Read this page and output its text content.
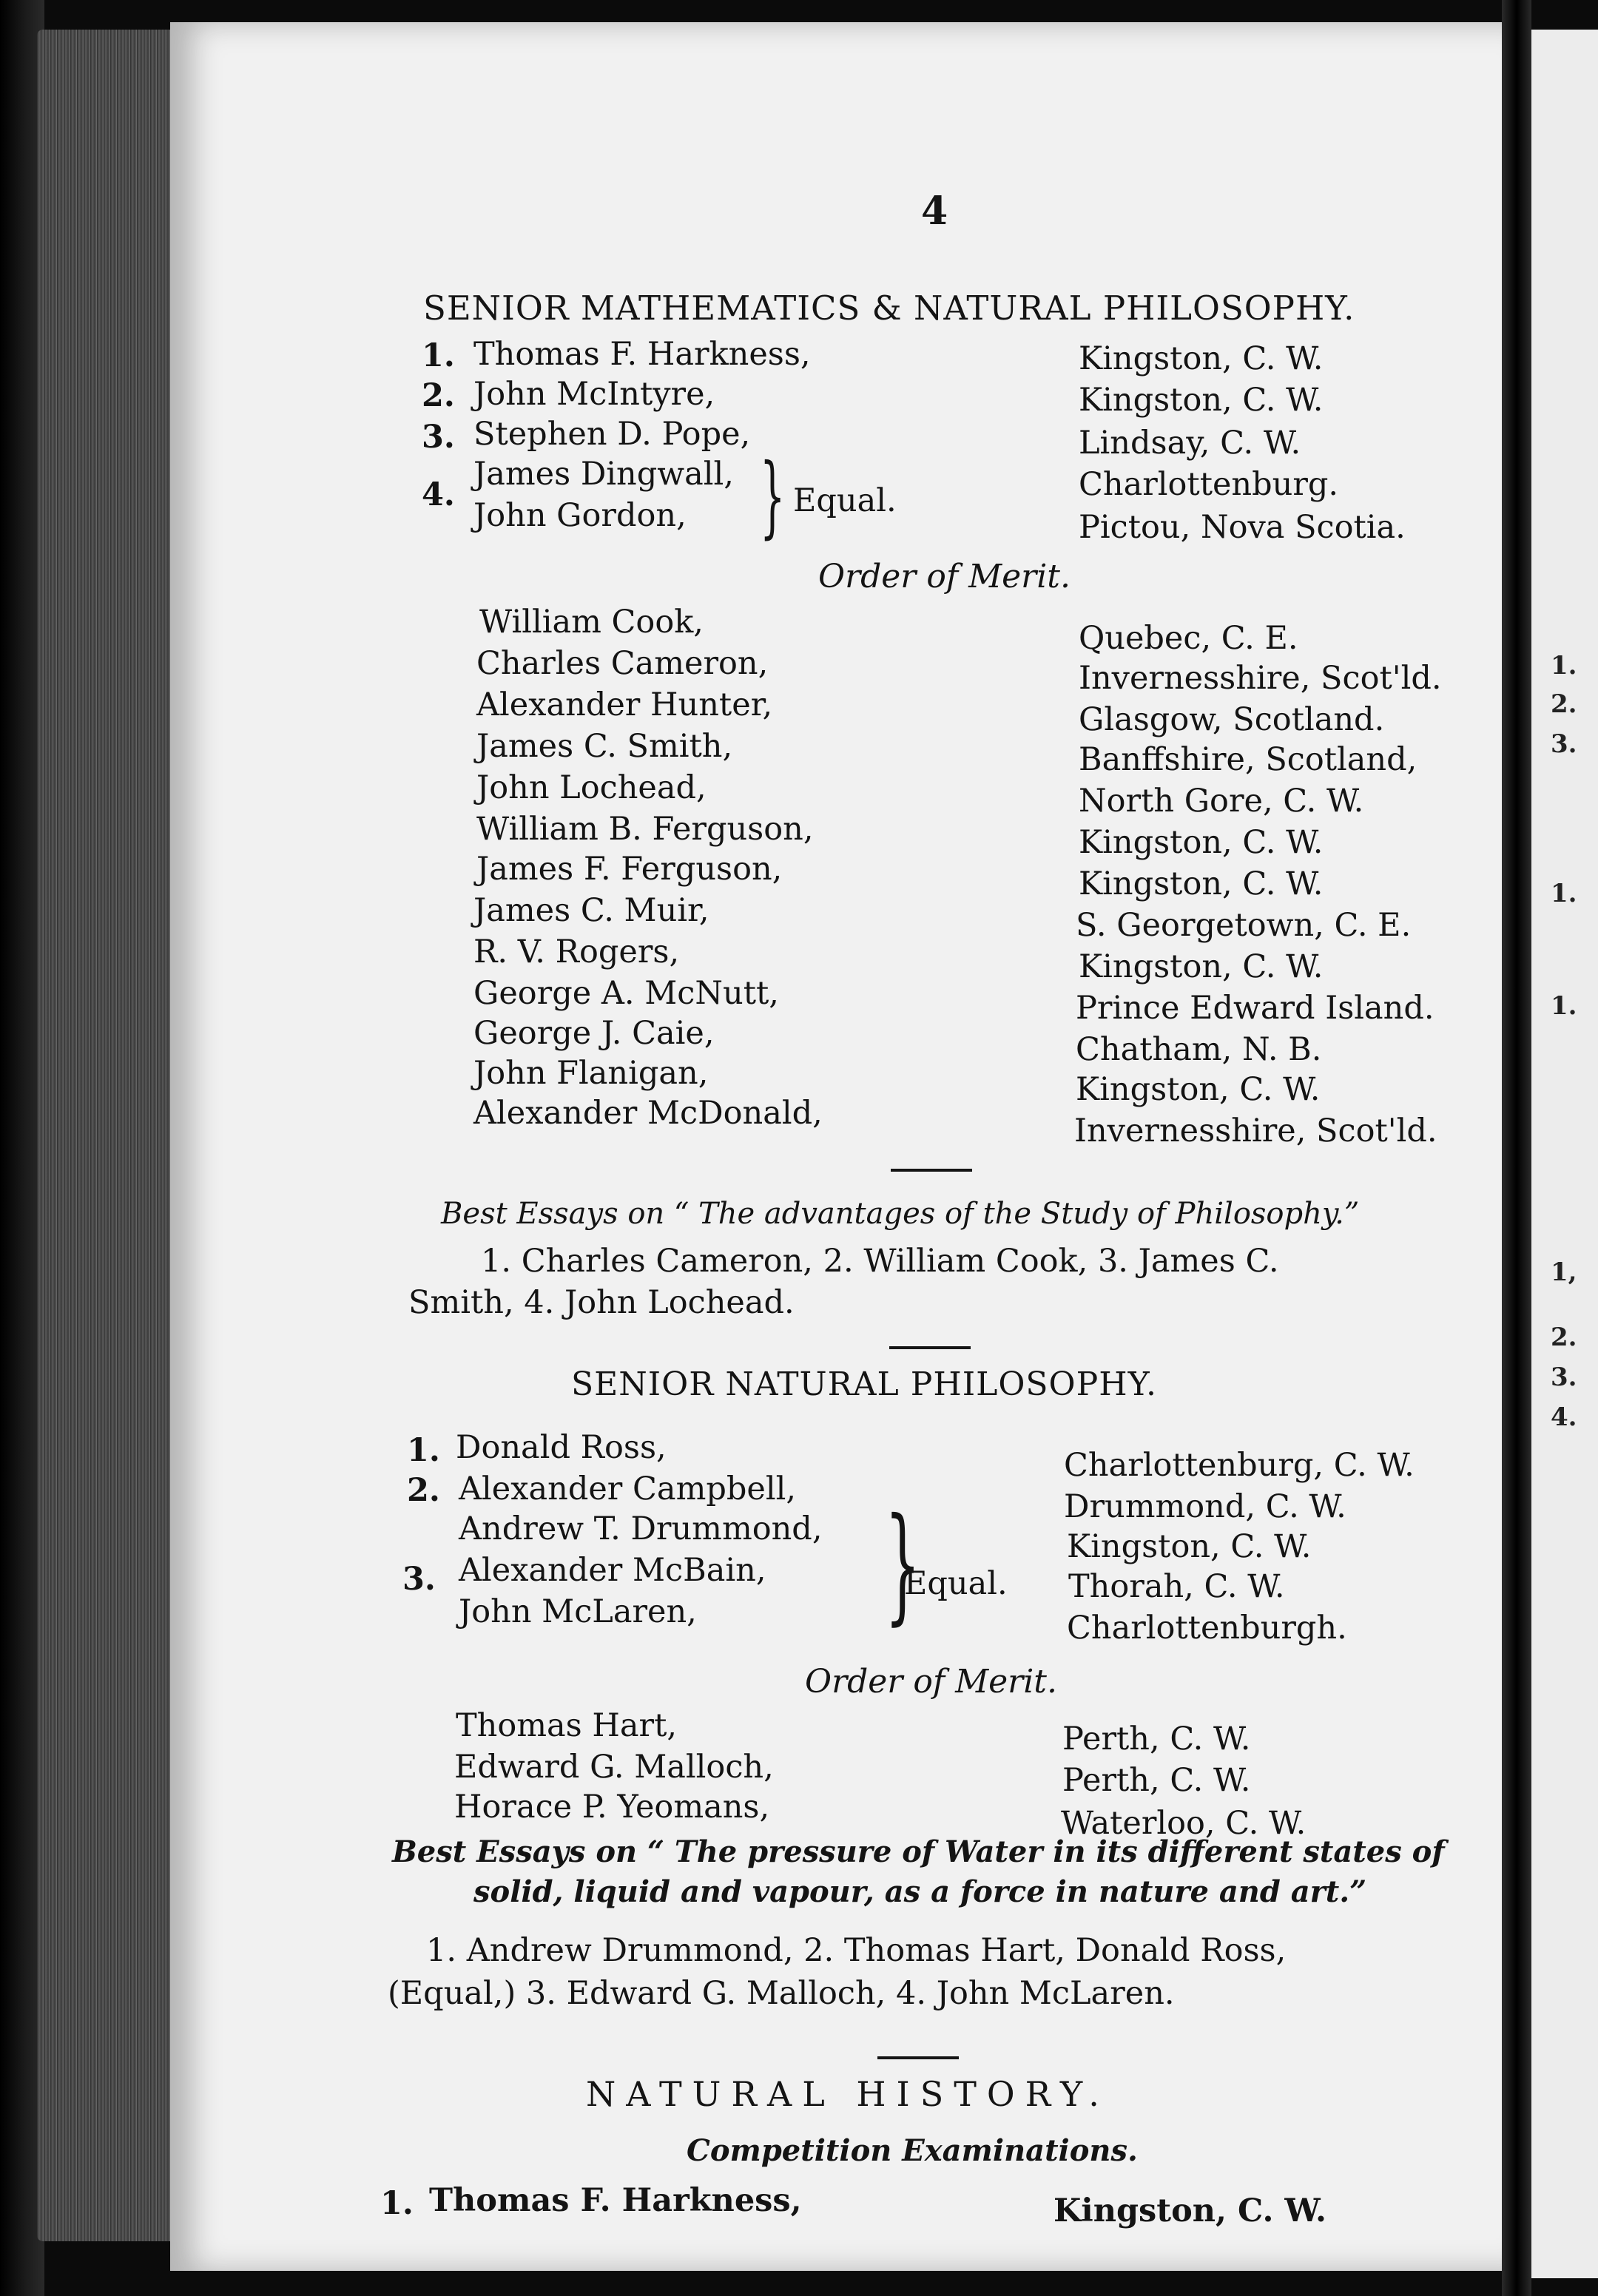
1.
2.
3.
1.
1.
1,
2.
3.
4.
4
SENIOR MATHEMATICS & NATURAL PHILOSOPHY.
1. Thomas F. Harkness,	Kingston, C. W.
2. John McIntyre,	Kingston, C. W.
3. Stephen D. Pope,	Lindsay, C. W.
4.
James Dingwall,	Charlottenburg.
John Gordon,	Pictou, Nova Scotia.
} Equal.
Order of Merit.
William Cook,	Quebec, C. E.
Charles Cameron,	Invernesshire, Scot'ld.
Alexander Hunter,	Glasgow, Scotland.
James C. Smith,	Banffshire, Scotland,
John Lochead,	North Gore, C. W.
William B. Ferguson,	Kingston, C. W.
James F. Ferguson,	Kingston, C. W.
James C. Muir,	S. Georgetown, C. E.
R. V. Rogers,	Kingston, C. W.
George A. McNutt,	Prince Edward Island.
George J. Caie,	Chatham, N. B.
John Flanigan,	Kingston, C. W.
Alexander McDonald,	Invernesshire, Scot'ld.
Best Essays on “ The advantages of the Study of Philosophy.”
1. Charles Cameron, 2. William Cook, 3. James C.
Smith, 4. John Lochead.
SENIOR NATURAL PHILOSOPHY.
1. Donald Ross,	Charlottenburg, C. W.
2. Alexander Campbell,	Drummond, C. W.
Andrew T. Drummond,	Kingston, C. W.
3. Alexander McBain,	Thorah, C. W.
John McLaren,	Charlottenburgh.
}
Equal.
Order of Merit.
Thomas Hart,	Perth, C. W.
Edward G. Malloch,	Perth, C. W.
Horace P. Yeomans,	Waterloo, C. W.
Best Essays on “ The pressure of Water in its different states of
solid, liquid and vapour, as a force in nature and art.”
1. Andrew Drummond, 2. Thomas Hart, Donald Ross,
(Equal,) 3. Edward G. Malloch, 4. John McLaren.
NATURAL HISTORY.
Competition Examinations.
1. Thomas F. Harkness,	Kingston, C. W.
